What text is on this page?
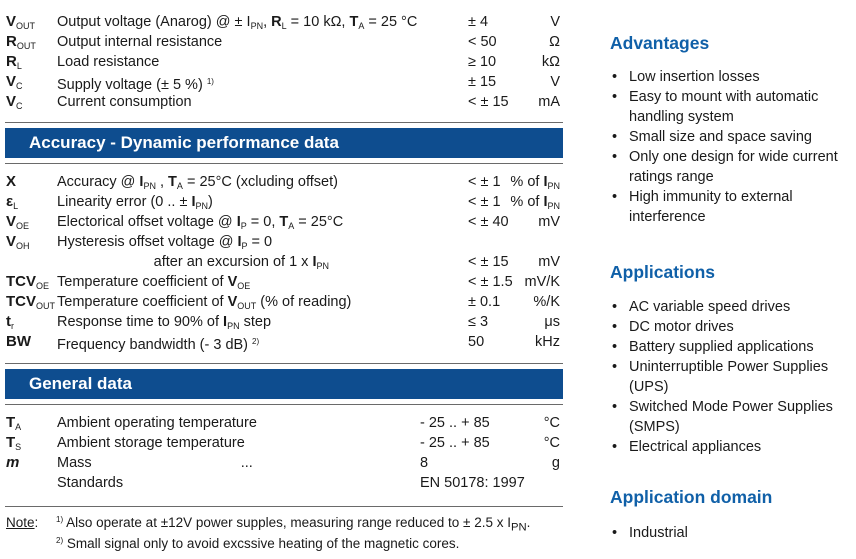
$V_{OUT}$ Output voltage (Anarog) @ ± $I_{PN}$, $R_L = 10$ kΩ, $T_A = 25$ °C	± 4	V
$R_{OUT}$ Output internal resistance	< 50	Ω
$R_L$ Load resistance	≥ 10	kΩ
$V_C$ Supply voltage (± 5 %) $^{1)}$	± 15	V
$V_C$ Current consumption	< ± 15 mA
Accuracy - Dynamic performance data
X	Accuracy @ $I_{PN}$ , $T_A = 25^\circ C$ (xcluding offset)	< ± 1 % of $I_{PN}$
$\varepsilon_L$	Linearity error (0 .. ± $I_{PN}$)	< ± 1 % of $I_{PN}$
$V_{OE}$ Electorical offset voltage @ $I_P = 0$, $T_A = 25^\circ C$	< ± 40 mV
$V_{OH}$ Hysteresis offset voltage @ $I_P = 0$
after an excursion of 1 x $I_{PN}$	< ± 15 mV
$TCV_{OE}$ Temperature coefficient of $V_{OE}$	< ± 1.5 mV/K
$TCV_{OUT}$ Temperature coefficient of $V_{OUT}$ (% of reading)	± 0.1 %/K
$t_r$	Response time to 90% of $I_{PN}$ step	≤ 3	μs
BW Frequency bandwidth (- 3 dB) $^{2)}$	50	kHz
General data
$T_A$ Ambient operating temperature	- 25 .. + 85	°C
$T_S$ Ambient storage temperature	- 25 .. + 85	°C
m	Mass                                     ...	8	g
Standards	EN 50178: 1997
Note: $^{1)}$ Also operate at ±12V power supples, measuring range reduced to ± 2.5 x $I_{PN}$.
$^{2)}$ Small signal only to avoid excssive heating of the magnetic cores.
Advantages
• Low insertion losses
• Easy to mount with automatic handling system
• Small size and space saving
• Only one design for wide current ratings range
• High immunity to external interference
Applications
• AC variable speed drives
• DC motor drives
• Battery supplied applications
• Uninterruptible Power Supplies (UPS)
• Switched Mode Power Supplies (SMPS)
• Electrical appliances
Application domain
• Industrial
